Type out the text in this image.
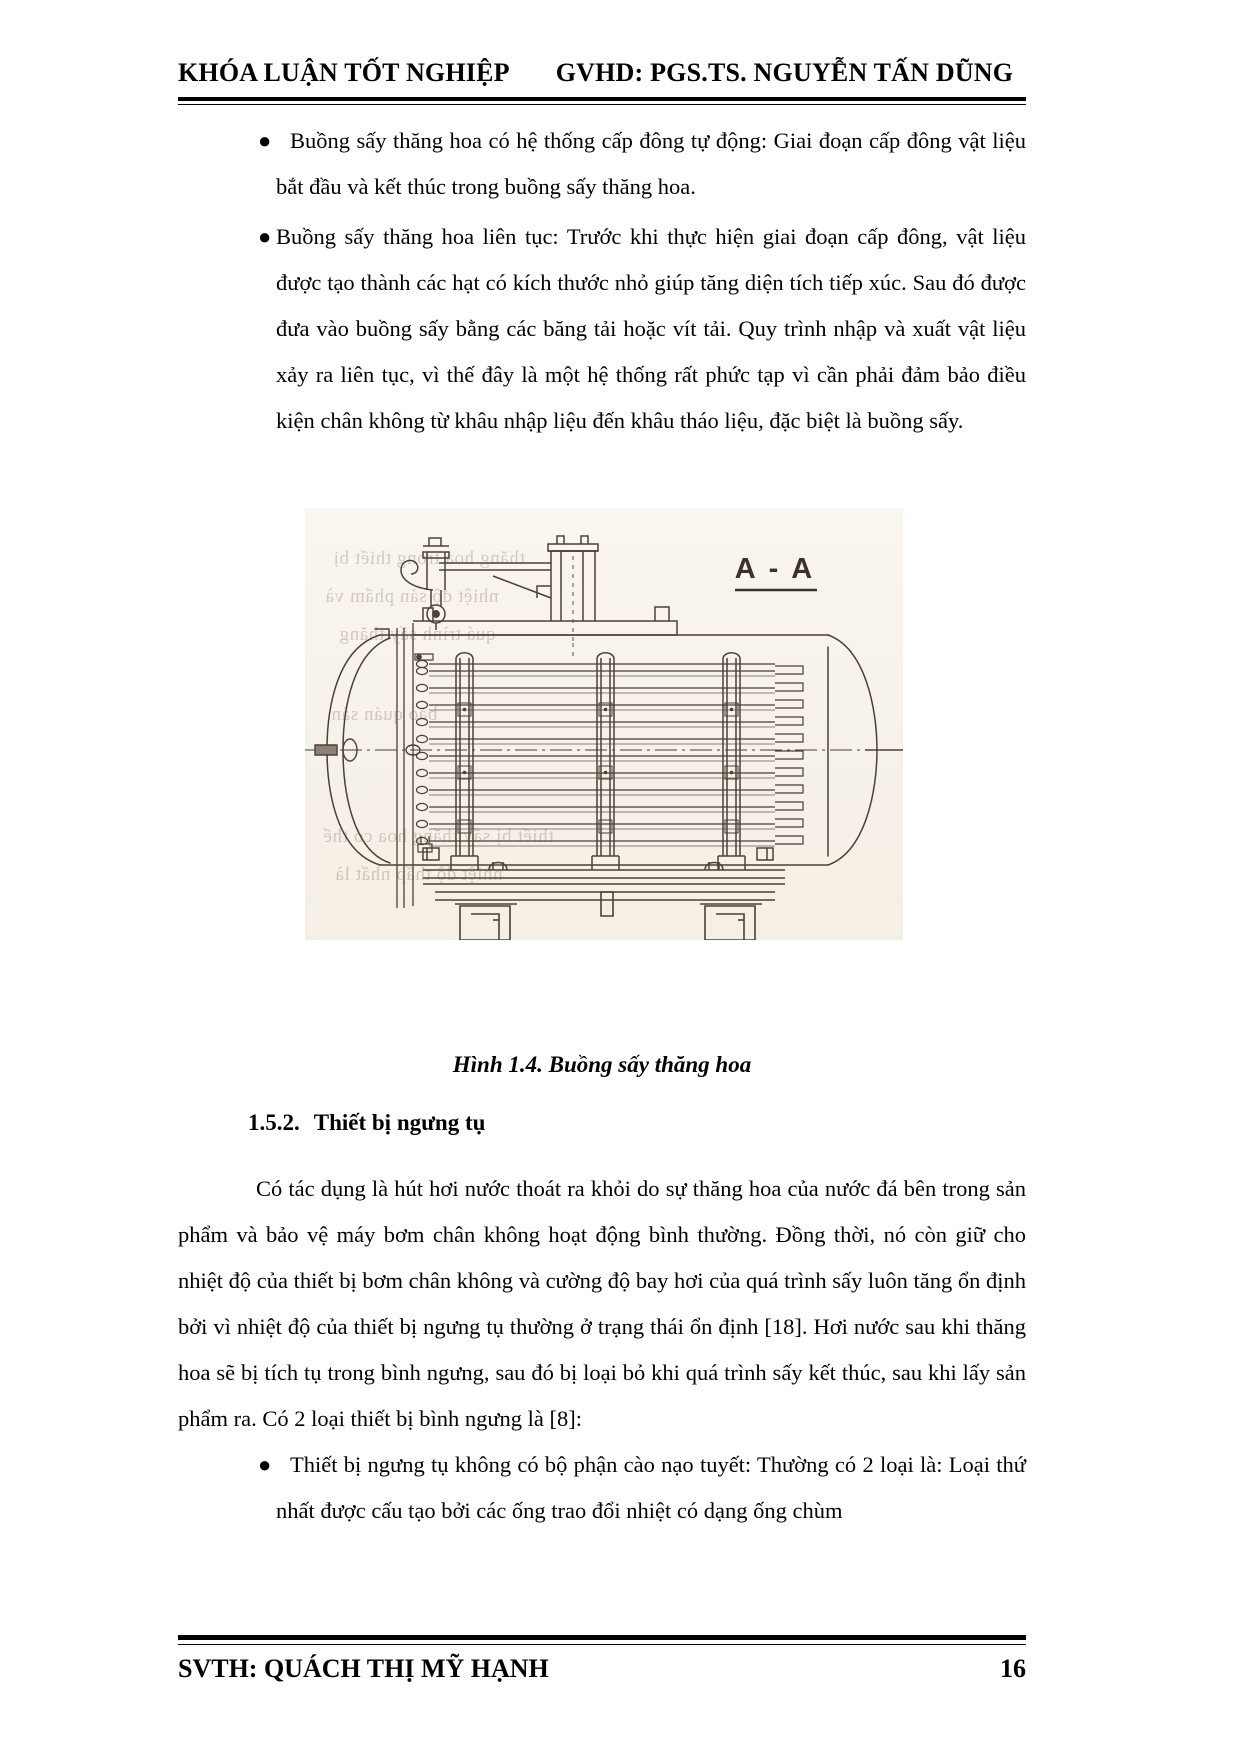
KHÓA LUẬN TỐT NGHIỆP GVHD: PGS.TS. NGUYỄN TẤN DŨNG
● Buồng sấy thăng hoa có hệ thống cấp đông tự động: Giai đoạn cấp đông vật liệu bắt đầu và kết thúc trong buồng sấy thăng hoa.
● Buồng sấy thăng hoa liên tục: Trước khi thực hiện giai đoạn cấp đông, vật liệu được tạo thành các hạt có kích thước nhỏ giúp tăng diện tích tiếp xúc. Sau đó được đưa vào buồng sấy bằng các băng tải hoặc vít tải. Quy trình nhập và xuất vật liệu xảy ra liên tục, vì thế đây là một hệ thống rất phức tạp vì cần phải đảm bảo điều kiện chân không từ khâu nhập liệu đến khâu tháo liệu, đặc biệt là buồng sấy.
thăng hoa trong thiết bị
nhiệt độ sản phẩm và
quá trình sấy thăng
bảo quản sản
thiết bị sấy thăng hoa có thể
nhiệt độ thấp nhất là
A - A
Hình 1.4. Buồng sấy thăng hoa
1.5.2. Thiết bị ngưng tụ

Có tác dụng là hút hơi nước thoát ra khỏi do sự thăng hoa của nước đá bên trong sản phẩm và bảo vệ máy bơm chân không hoạt động bình thường. Đồng thời, nó còn giữ cho nhiệt độ của thiết bị bơm chân không và cường độ bay hơi của quá trình sấy luôn tăng ổn định bởi vì nhiệt độ của thiết bị ngưng tụ thường ở trạng thái ổn định [18]. Hơi nước sau khi thăng hoa sẽ bị tích tụ trong bình ngưng, sau đó bị loại bỏ khi quá trình sấy kết thúc, sau khi lấy sản phẩm ra. Có 2 loại thiết bị bình ngưng là [8]:

● Thiết bị ngưng tụ không có bộ phận cào nạo tuyết: Thường có 2 loại là: Loại thứ nhất được cấu tạo bởi các ống trao đổi nhiệt có dạng ống chùm
SVTH: QUÁCH THỊ MỸ HẠNH	16
